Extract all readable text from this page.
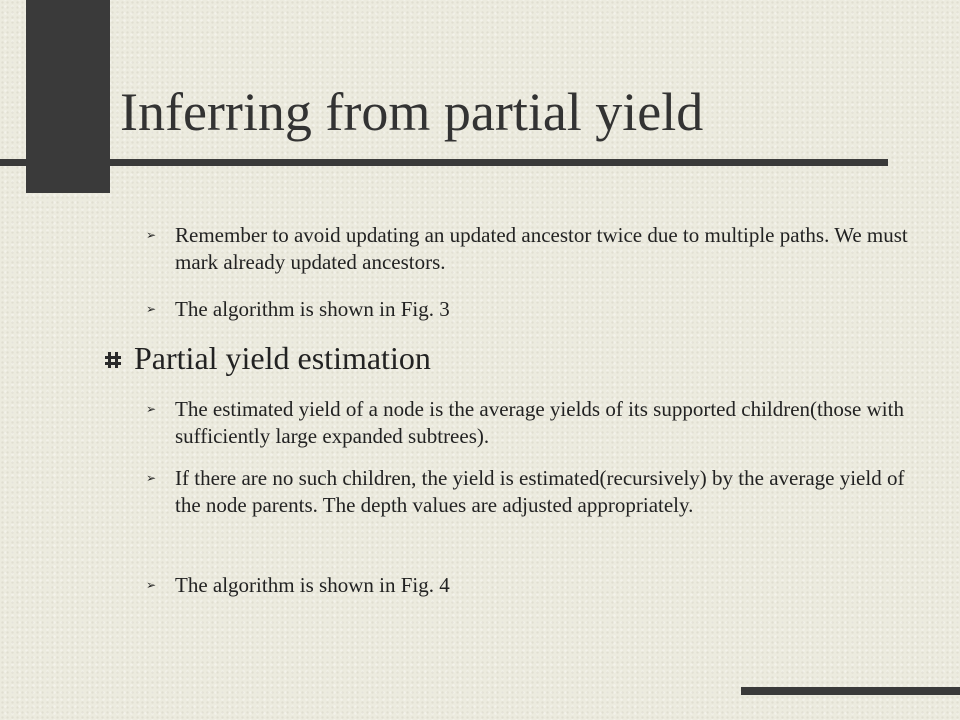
Inferring from partial yield
➢ Remember to avoid updating an updated ancestor twice due to multiple paths. We must mark already updated ancestors.
➢ The algorithm is shown in Fig. 3
Partial yield estimation
➢ The estimated yield of a node is the average yields of its supported children(those with sufficiently large expanded subtrees).
➢ If there are no such children, the yield is estimated(recursively) by the average yield of the node parents. The depth values are adjusted appropriately.
➢ The algorithm is shown in Fig. 4
